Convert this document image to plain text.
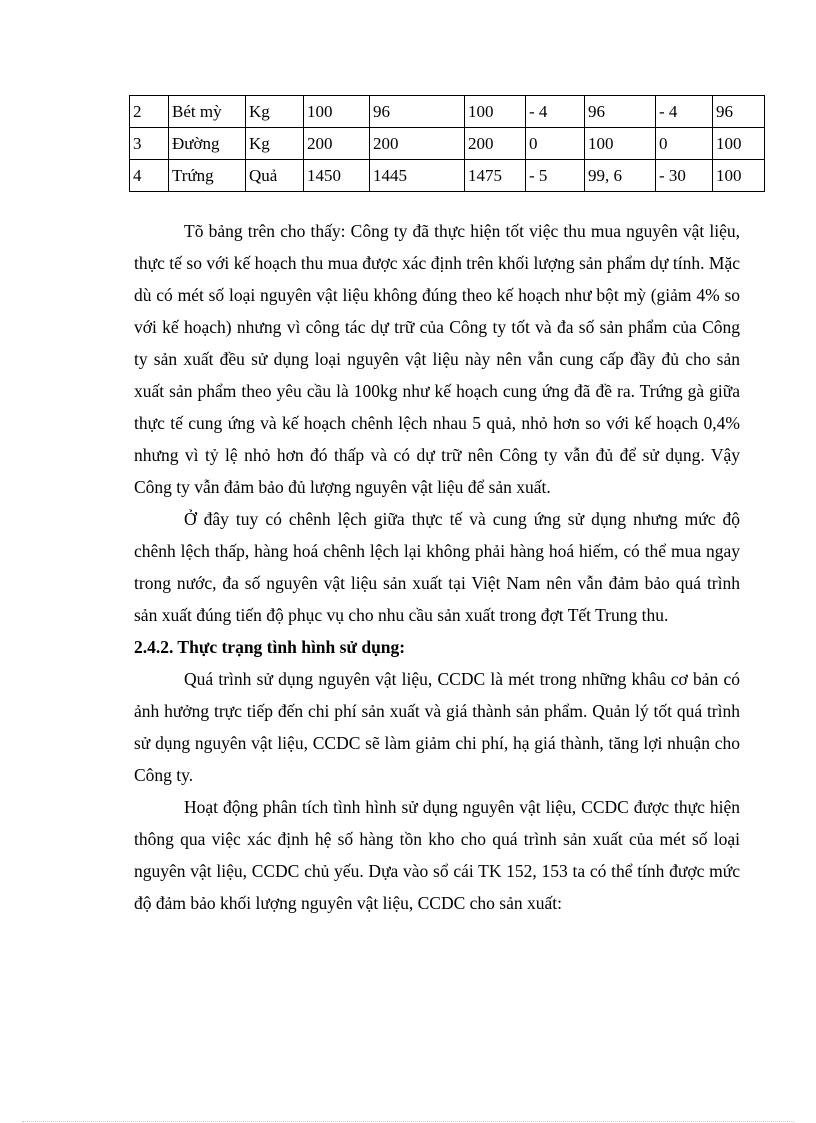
2	Bét mỳ	Kg	100	96	100	- 4	96	- 4	96
3	Đường	Kg	200	200	200	0	100	0	100
4	Trứng	Quả	1450	1445	1475	- 5	99, 6	- 30	100

Tõ bảng trên cho thấy: Công ty đã thực hiện tốt việc thu mua nguyên vật liệu, thực tế so với kế hoạch thu mua được xác định trên khối lượng sản phẩm dự tính. Mặc dù có mét số loại nguyên vật liệu không đúng theo kế hoạch như bột mỳ (giảm 4% so với kế hoạch) nhưng vì công tác dự trữ của Công ty tốt và đa số sản phẩm của Công ty sản xuất đều sử dụng loại nguyên vật liệu này nên vẫn cung cấp đầy đủ cho sản xuất sản phẩm theo yêu cầu là 100kg như kế hoạch cung ứng đã đề ra. Trứng gà giữa thực tế cung ứng và kế hoạch chênh lệch nhau 5 quả, nhỏ hơn so với kế hoạch 0,4% nhưng vì tỷ lệ nhỏ hơn đó thấp và có dự trữ nên Công ty vẫn đủ để sử dụng. Vậy Công ty vẫn đảm bảo đủ lượng nguyên vật liệu để sản xuất.

Ở đây tuy có chênh lệch giữa thực tế và cung ứng sử dụng nhưng mức độ chênh lệch thấp, hàng hoá chênh lệch lại không phải hàng hoá hiếm, có thể mua ngay trong nước, đa số nguyên vật liệu sản xuất tại Việt Nam nên vẫn đảm bảo quá trình sản xuất đúng tiến độ phục vụ cho nhu cầu sản xuất trong đợt Tết Trung thu.

2.4.2. Thực trạng tình hình sử dụng:

Quá trình sử dụng nguyên vật liệu, CCDC là mét trong những khâu cơ bản có ảnh hưởng trực tiếp đến chi phí sản xuất và giá thành sản phẩm. Quản lý tốt quá trình sử dụng nguyên vật liệu, CCDC sẽ làm giảm chi phí, hạ giá thành, tăng lợi nhuận cho Công ty.

Hoạt động phân tích tình hình sử dụng nguyên vật liệu, CCDC được thực hiện thông qua việc xác định hệ số hàng tồn kho cho quá trình sản xuất của mét số loại nguyên vật liệu, CCDC chủ yếu. Dựa vào sổ cái TK 152, 153 ta có thể tính được mức độ đảm bảo khối lượng nguyên vật liệu, CCDC cho sản xuất:
